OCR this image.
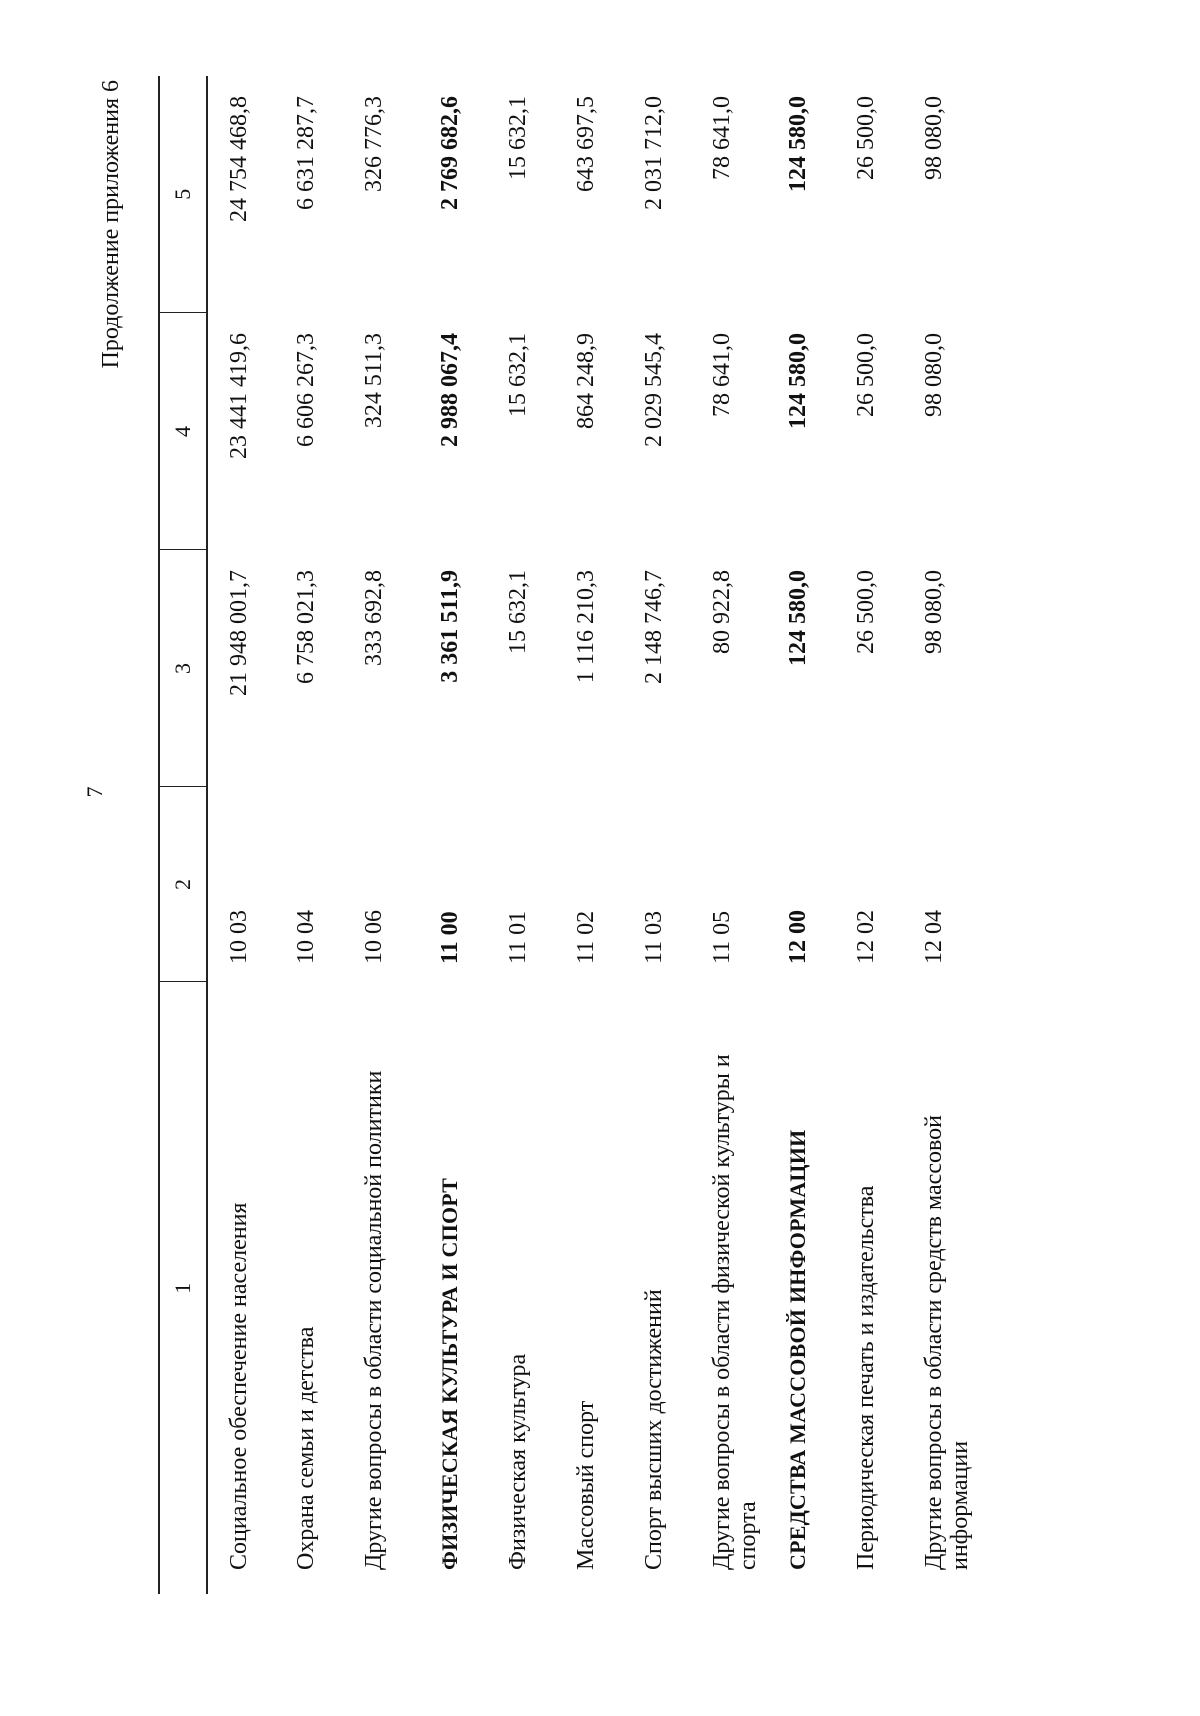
7
Продолжение приложения 6
1	2	3	4	5
Социальное обеспечение населения	10 03	21 948 001,7	23 441 419,6	24 754 468,8
Охрана семьи и детства	10 04	6 758 021,3	6 606 267,3	6 631 287,7
Другие вопросы в области социальной политики	10 06	333 692,8	324 511,3	326 776,3
ФИЗИЧЕСКАЯ КУЛЬТУРА И СПОРТ	11 00	3 361 511,9	2 988 067,4	2 769 682,6
Физическая культура	11 01	15 632,1	15 632,1	15 632,1
Массовый спорт	11 02	1 116 210,3	864 248,9	643 697,5
Спорт высших достижений	11 03	2 148 746,7	2 029 545,4	2 031 712,0
Другие вопросы в области физической культуры и спорта	11 05	80 922,8	78 641,0	78 641,0
СРЕДСТВА МАССОВОЙ ИНФОРМАЦИИ	12 00	124 580,0	124 580,0	124 580,0
Периодическая печать и издательства	12 02	26 500,0	26 500,0	26 500,0
Другие вопросы в области средств массовой информации	12 04	98 080,0	98 080,0	98 080,0
